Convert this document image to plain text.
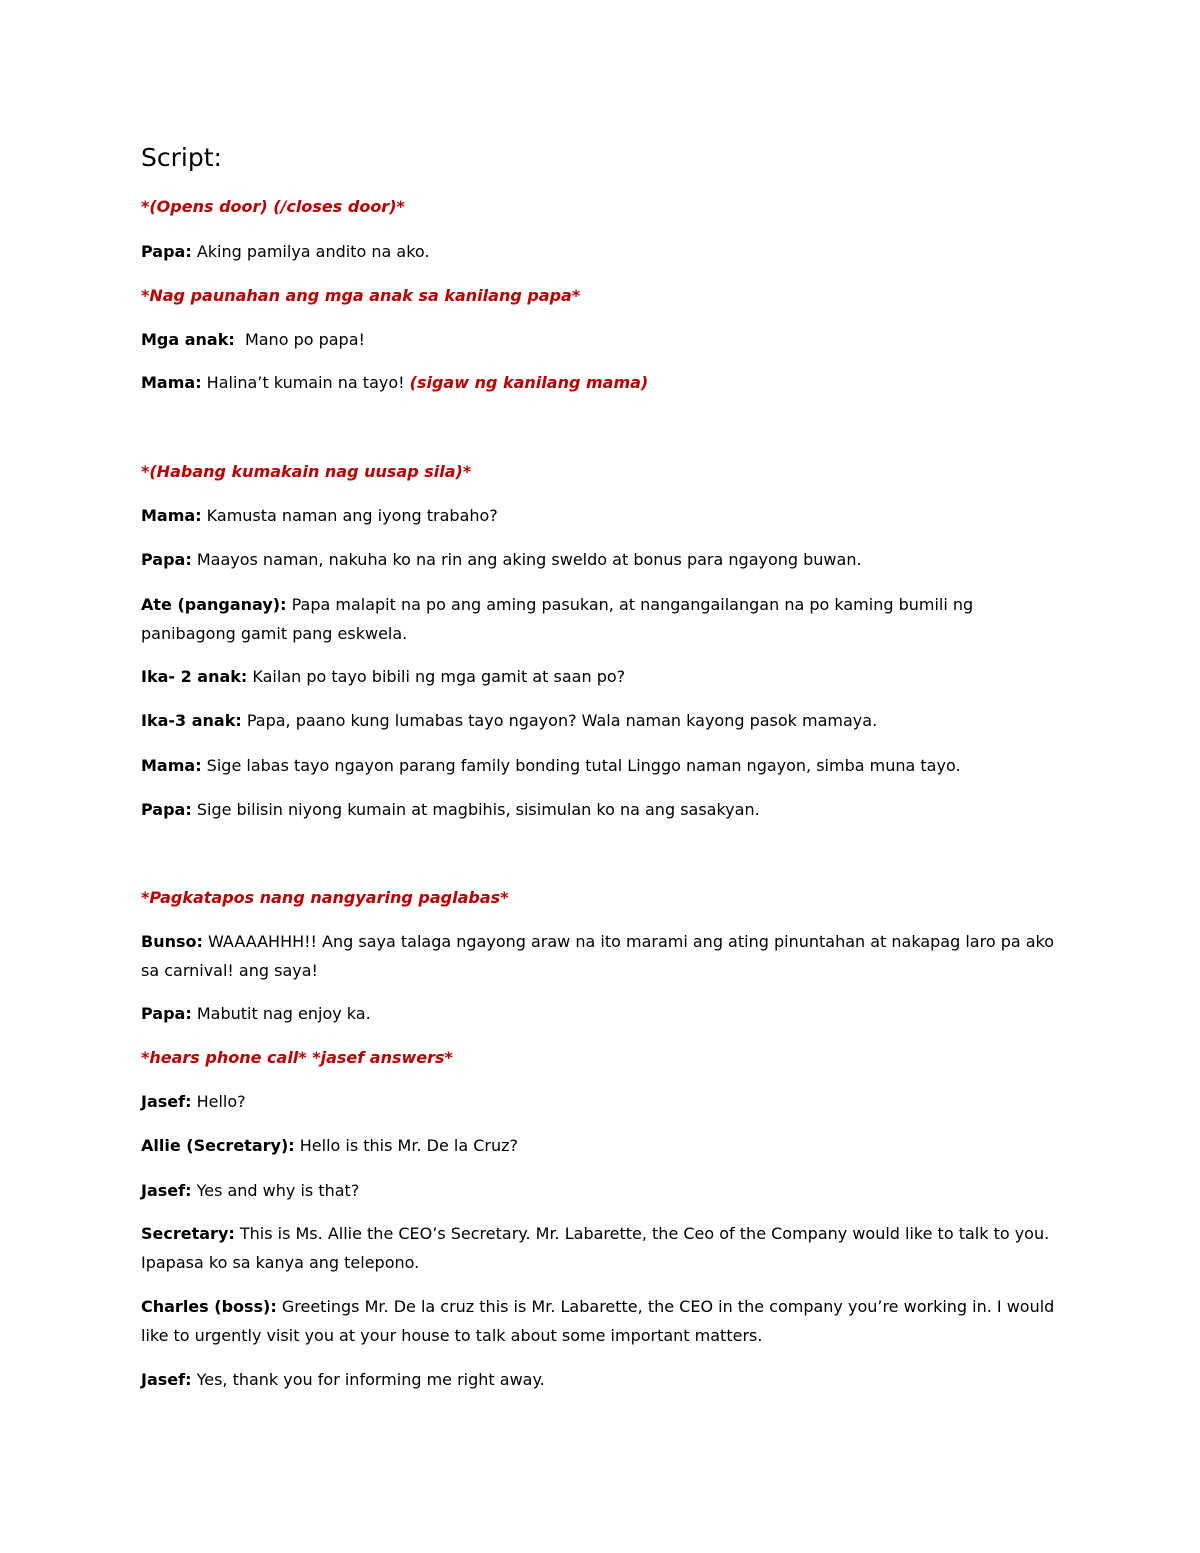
Script:

*(Opens door) (/closes door)*

Papa: Aking pamilya andito na ako.

*Nag paunahan ang mga anak sa kanilang papa*

Mga anak:  Mano po papa!

Mama: Halina’t kumain na tayo! (sigaw ng kanilang mama)

*(Habang kumakain nag uusap sila)*

Mama: Kamusta naman ang iyong trabaho?

Papa: Maayos naman, nakuha ko na rin ang aking sweldo at bonus para ngayong buwan.

Ate (panganay): Papa malapit na po ang aming pasukan, at nangangailangan na po kaming bumili ng panibagong gamit pang eskwela.

Ika- 2 anak: Kailan po tayo bibili ng mga gamit at saan po?

Ika-3 anak: Papa, paano kung lumabas tayo ngayon? Wala naman kayong pasok mamaya.

Mama: Sige labas tayo ngayon parang family bonding tutal Linggo naman ngayon, simba muna tayo.

Papa: Sige bilisin niyong kumain at magbihis, sisimulan ko na ang sasakyan.

*Pagkatapos nang nangyaring paglabas*

Bunso: WAAAAHHH!! Ang saya talaga ngayong araw na ito marami ang ating pinuntahan at nakapag laro pa ako sa carnival! ang saya!

Papa: Mabutit nag enjoy ka.

*hears phone call* *jasef answers*

Jasef: Hello?

Allie (Secretary): Hello is this Mr. De la Cruz?

Jasef: Yes and why is that?

Secretary: This is Ms. Allie the CEO’s Secretary. Mr. Labarette, the Ceo of the Company would like to talk to you. Ipapasa ko sa kanya ang telepono.

Charles (boss): Greetings Mr. De la cruz this is Mr. Labarette, the CEO in the company you’re working in. I would like to urgently visit you at your house to talk about some important matters.

Jasef: Yes, thank you for informing me right away.
